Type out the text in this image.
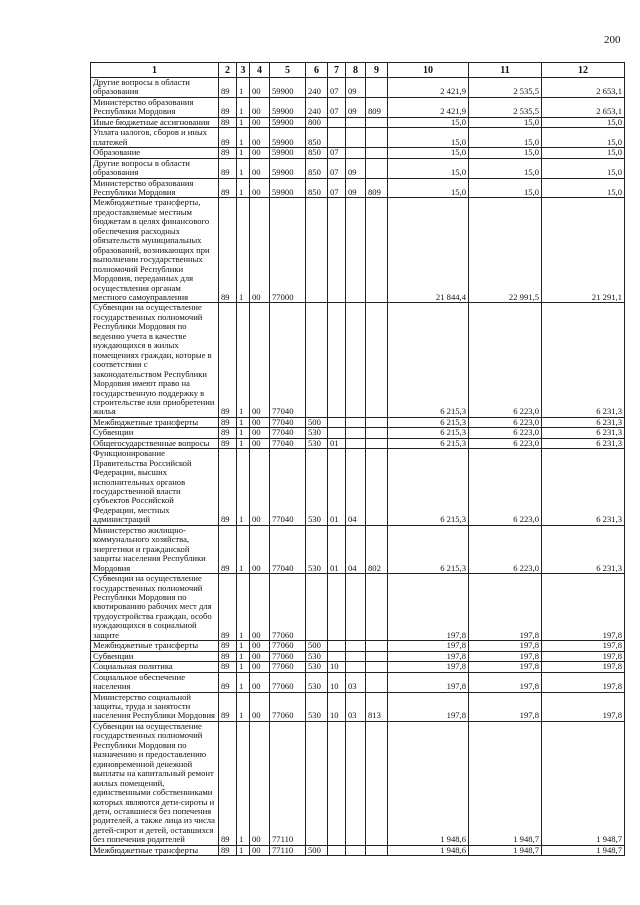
200
1	2	3	4	5	6	7	8	9	10	11	12
Другие вопросы в области образования	89	1	00	59900	240	07	09		2 421,9	2 535,5	2 653,1
Министерство образования Республики Мордовия	89	1	00	59900	240	07	09	809	2 421,9	2 535,5	2 653,1
Иные бюджетные ассигнования	89	1	00	59900	800				15,0	15,0	15,0
Уплата налогов, сборов и иных платежей	89	1	00	59900	850				15,0	15,0	15,0
Образование	89	1	00	59900	850	07			15,0	15,0	15,0
Другие вопросы в области образования	89	1	00	59900	850	07	09		15,0	15,0	15,0
Министерство образования Республики Мордовия	89	1	00	59900	850	07	09	809	15,0	15,0	15,0
Межбюджетные трансферты, предоставляемые местным бюджетам в целях финансового обеспечения расходных обязательств муниципальных образований, возникающих при выполнении государственных полномочий Республики Мордовия, переданных для осуществления органам местного самоуправления	89	1	00	77000					21 844,4	22 991,5	21 291,1
Субвенции на осуществление государственных полномочий Республики Мордовия по ведению учета в качестве нуждающихся в жилых помещениях граждан, которые в соответствии с законодательством Республики Мордовия имеют право на государственную поддержку в строительстве или приобретении жилья	89	1	00	77040					6 215,3	6 223,0	6 231,3
Межбюджетные трансферты	89	1	00	77040	500				6 215,3	6 223,0	6 231,3
Субвенции	89	1	00	77040	530				6 215,3	6 223,0	6 231,3
Общегосударственные вопросы	89	1	00	77040	530	01			6 215,3	6 223,0	6 231,3
Функционирование Правительства Российской Федерации, высших исполнительных органов государственной власти субъектов Российской Федерации, местных администраций	89	1	00	77040	530	01	04		6 215,3	6 223,0	6 231,3
Министерство жилищно-коммунального хозяйства, энергетики и гражданской защиты населения Республики Мордовия	89	1	00	77040	530	01	04	802	6 215,3	6 223,0	6 231,3
Субвенции на осуществление государственных полномочий Республики Мордовия по квотированию рабочих мест для трудоустройства граждан, особо нуждающихся в социальной защите	89	1	00	77060					197,8	197,8	197,8
Межбюджетные трансферты	89	1	00	77060	500				197,8	197,8	197,8
Субвенции	89	1	00	77060	530				197,8	197,8	197,8
Социальная политика	89	1	00	77060	530	10			197,8	197,8	197,8
Социальное обеспечение населения	89	1	00	77060	530	10	03		197,8	197,8	197,8
Министерство социальной защиты, труда и занятости населения Республики Мордовия	89	1	00	77060	530	10	03	813	197,8	197,8	197,8
Субвенции на осуществление государственных полномочий Республики Мордовия по назначению и предоставлению единовременной денежной выплаты на капитальный ремонт жилых помещений, единственными собственниками которых являются дети-сироты и дети, оставшиеся без попечения родителей, а также лица из числа детей-сирот и детей, оставшихся без попечения родителей	89	1	00	77110					1 948,6	1 948,7	1 948,7
Межбюджетные трансферты	89	1	00	77110	500				1 948,6	1 948,7	1 948,7
